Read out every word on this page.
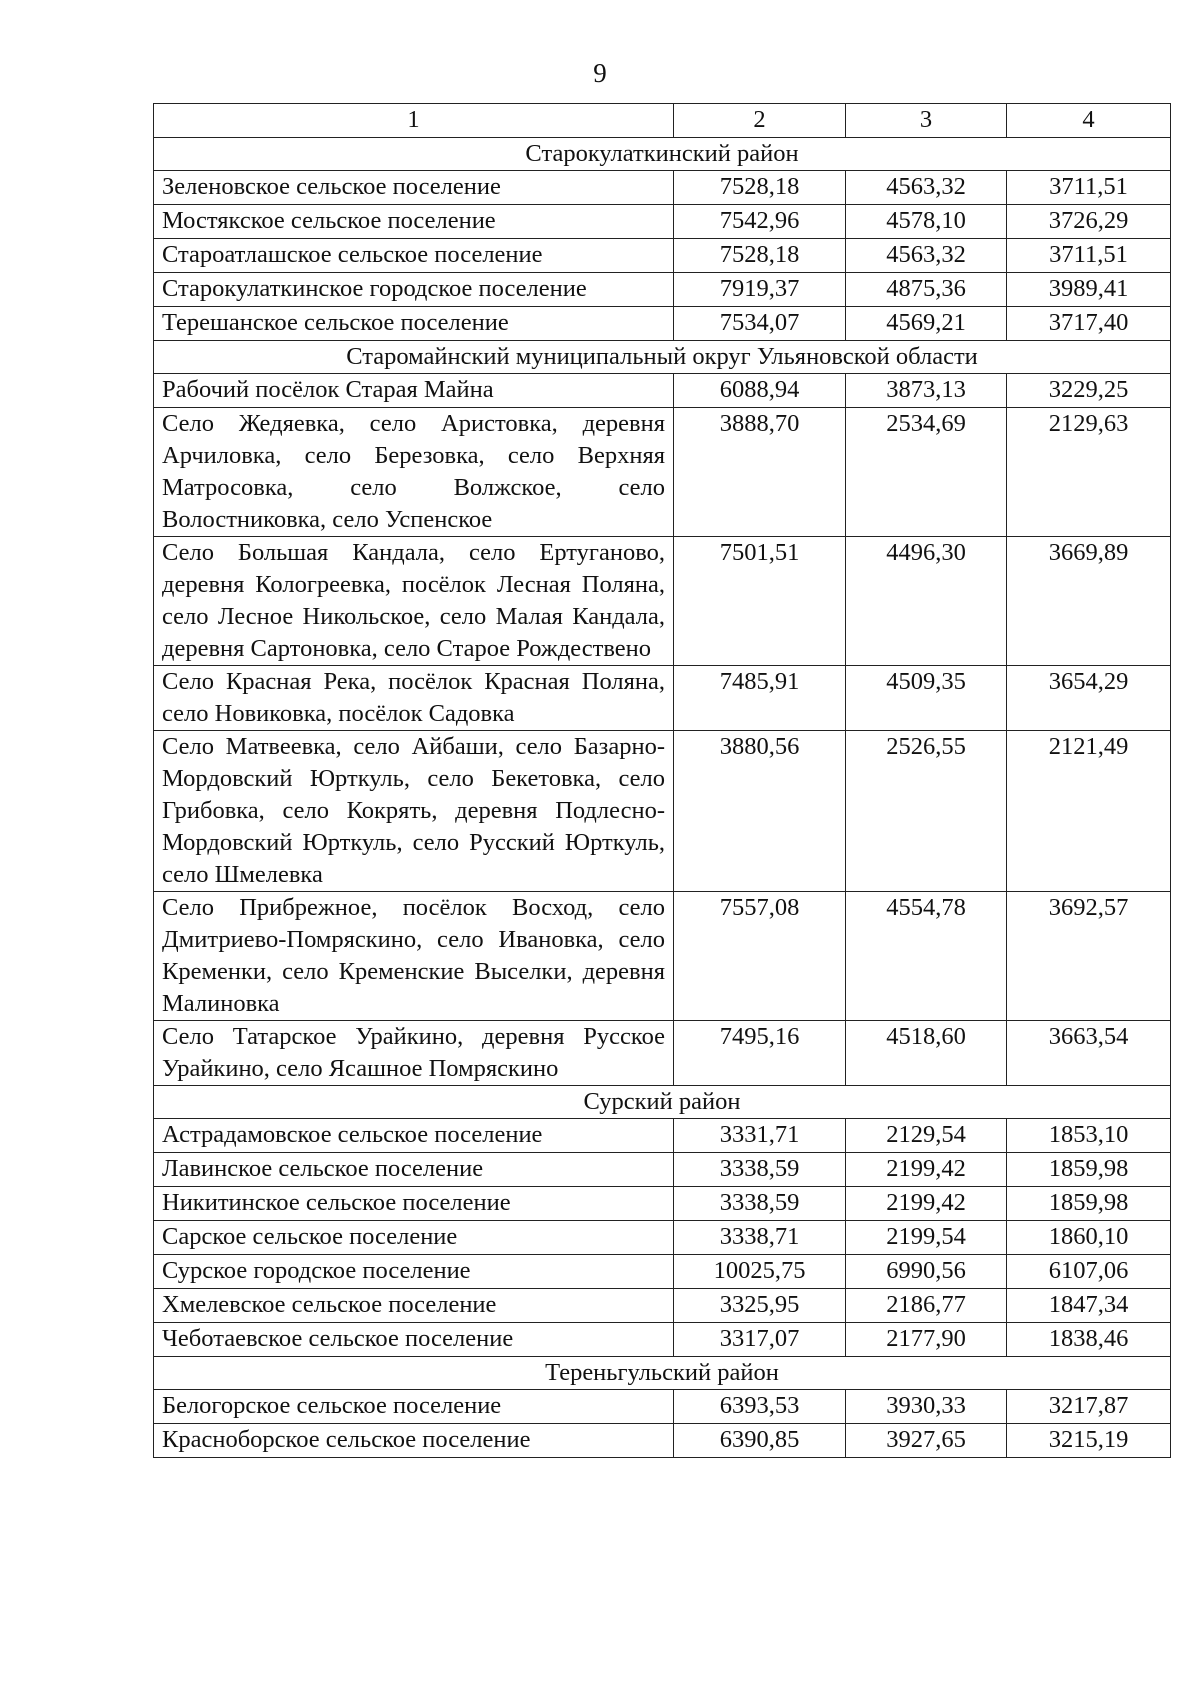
9
1	2	3	4
Старокулаткинский район			
Зеленовское сельское поселение	7528,18	4563,32	3711,51
Мостякское сельское поселение	7542,96	4578,10	3726,29
Староатлашское сельское поселение	7528,18	4563,32	3711,51
Старокулаткинское городское поселение	7919,37	4875,36	3989,41
Терешанское сельское поселение	7534,07	4569,21	3717,40
Старомайнский муниципальный округ Ульяновской области			
Рабочий посёлок Старая Майна	6088,94	3873,13	3229,25
Село Жедяевка, село Аристовка, деревня Арчиловка, село Березовка, село Верхняя Матросовка, село Волжское, село Волостниковка, село Успенское	3888,70	2534,69	2129,63
Село Большая Кандала, село Ертуганово, деревня Кологреевка, посёлок Лесная Поляна, село Лесное Никольское, село Малая Кандала, деревня Сартоновка, село Старое Рождествено	7501,51	4496,30	3669,89
Село Красная Река, посёлок Красная Поляна, село Новиковка, посёлок Садовка	7485,91	4509,35	3654,29
Село Матвеевка, село Айбаши, село Базарно-Мордовский Юрткуль, село Бекетовка, село Грибовка, село Кокрять, деревня Подлесно-Мордовский Юрткуль, село Русский Юрткуль, село Шмелевка	3880,56	2526,55	2121,49
Село Прибрежное, посёлок Восход, село Дмитриево-Помряскино, село Ивановка, село Кременки, село Кременские Выселки, деревня Малиновка	7557,08	4554,78	3692,57
Село Татарское Урайкино, деревня Русское Урайкино, село Ясашное Помряскино	7495,16	4518,60	3663,54
Сурский район			
Астрадамовское сельское поселение	3331,71	2129,54	1853,10
Лавинское сельское поселение	3338,59	2199,42	1859,98
Никитинское сельское поселение	3338,59	2199,42	1859,98
Сарское сельское поселение	3338,71	2199,54	1860,10
Сурское городское поселение	10025,75	6990,56	6107,06
Хмелевское сельское поселение	3325,95	2186,77	1847,34
Чеботаевское сельское поселение	3317,07	2177,90	1838,46
Тереньгульский район			
Белогорское сельское поселение	6393,53	3930,33	3217,87
Красноборское сельское поселение	6390,85	3927,65	3215,19
